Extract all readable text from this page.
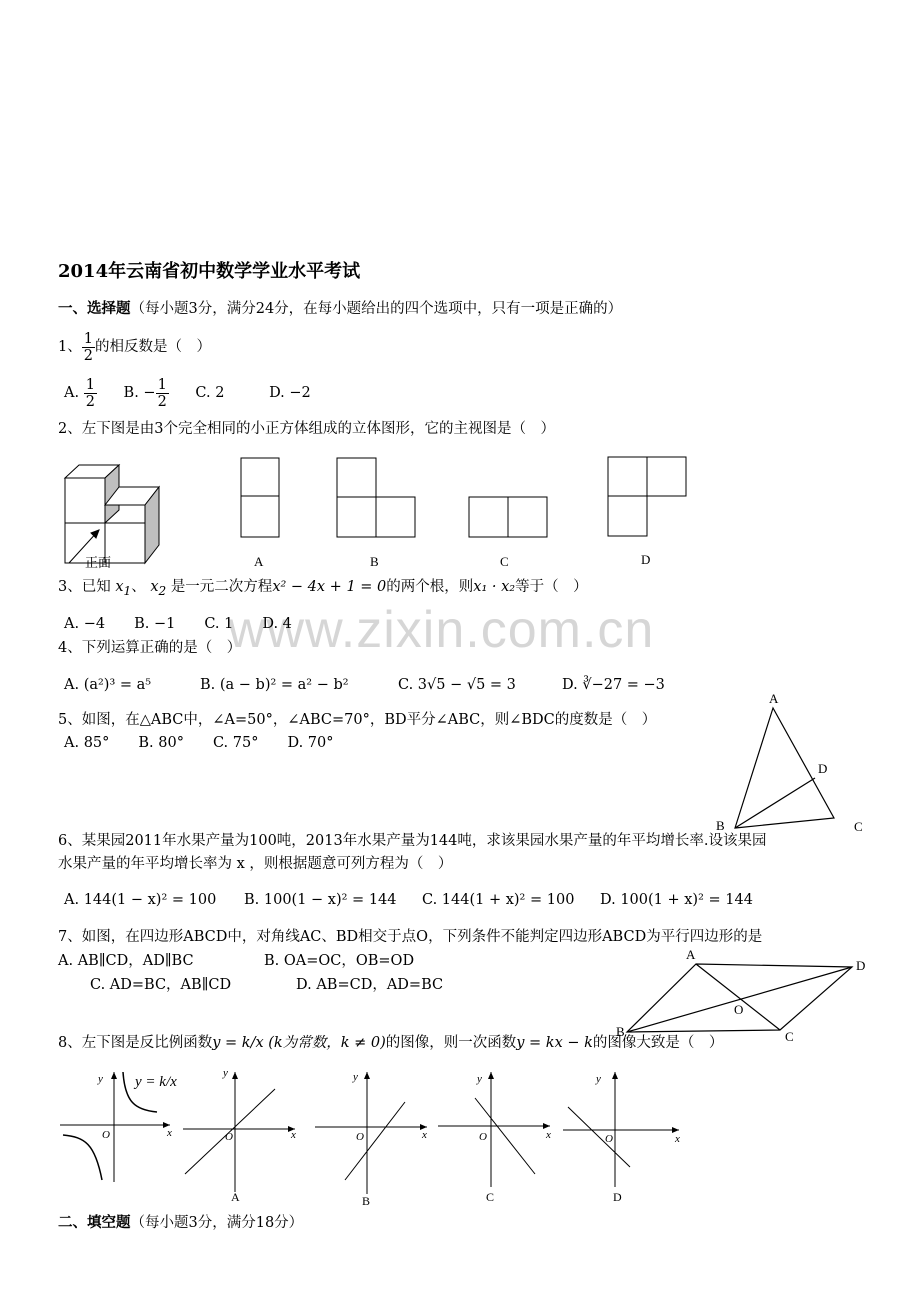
www.zixin.com.cn
2014年云南省初中数学学业水平考试
一、选择题（每小题3分，满分24分，在每小题给出的四个选项中，只有一项是正确的）
1、 $\frac{1}{2}$ 的相反数是（　）
A. $\frac{1}{2} B$. − $\frac{1}{2} C$. 2	D. −2
2、左下图是由3个完全相同的小正方体组成的立体图形，它的主视图是（　）
正面	A	B	C	D
3、已知 $x_1$、 $x_2$ 是一元二次方程x² − 4x + 1 = 0的两个根，则x₁ · x₂等于（　）
A. −4　　B. −1　　C. 1　　D. 4
4、下列运算正确的是（　）
A. (a²)³ = a⁵	B. (a − b)² = a² − b²	C. 3√5 − √5 = 3	D. ∛−27 = −3
5、如图，在△ABC中，∠A=50°，∠ABC=70°，BD平分∠ABC，则∠BDC的度数是（　）
A. 85°　　B. 80°　　C. 75°　　D. 70°
A
B	C
D
6、某果园2011年水果产量为100吨，2013年水果产量为144吨，求该果园水果产量的年平均增长率.设该果园
水果产量的年平均增长率为 x ，则根据题意可列方程为（　）
A. 144(1 − x)² = 100 B. 100(1 − x)² = 144 C. 144(1 + x)² = 100 D. 100(1 + x)² = 144
7、如图，在四边形ABCD中，对角线AC、BD相交于点O，下列条件不能判定四边形ABCD为平行四边形的是
A. AB∥CD，AD∥BC	B. OA=OC，OB=OD
C. AD=BC，AB∥CD	D. AB=CD，AD=BC
A
D
B	C
O
8、左下图是反比例函数y = k/x (k为常数，k ≠ 0)的图像，则一次函数y = kx − k的图像大致是（　）
y
x
O
y = k/x
y
x
O
y
x
O
y
x
O
y
x
O
A	B	C	D
二、填空题（每小题3分，满分18分）
